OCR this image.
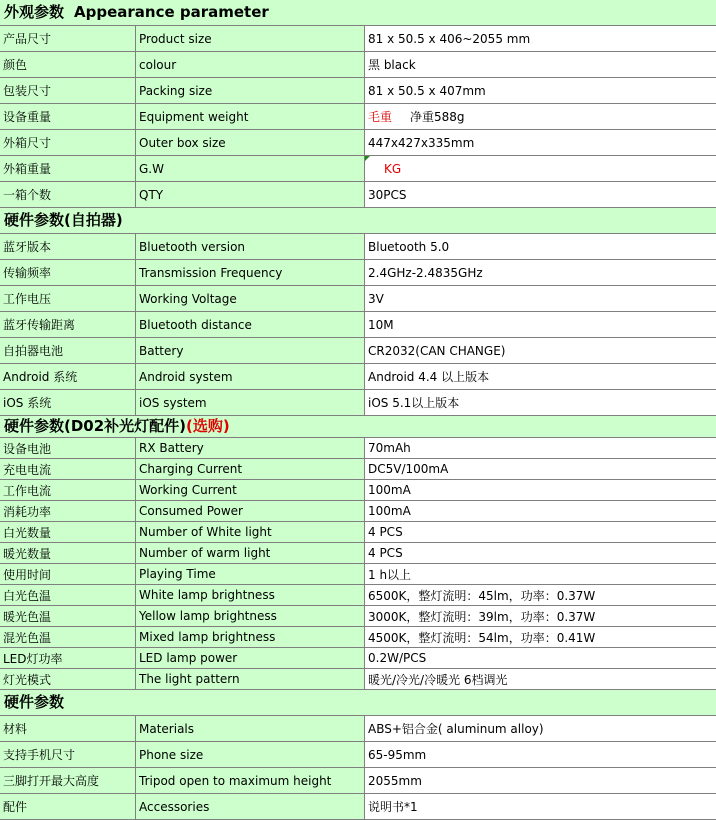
外观参数 Appearance parameter
产品尺寸	Product size	81 x 50.5 x 406~2055 mm
颜色	colour	黑 black
包装尺寸	Packing size	81 x 50.5 x 407mm
设备重量	Equipment weight	毛重 净重588g
外箱尺寸	Outer box size	447x427x335mm
外箱重量	G.W	KG
一箱个数	QTY	30PCS
硬件参数(自拍器)
蓝牙版本	Bluetooth version	Bluetooth 5.0
传输频率	Transmission Frequency	2.4GHz-2.4835GHz
工作电压	Working Voltage	3V
蓝牙传输距离	Bluetooth distance	10M
自拍器电池	Battery	CR2032(CAN CHANGE)
Android 系统	Android system	Android 4.4 以上版本
iOS 系统	iOS system	iOS 5.1以上版本
硬件参数(D02补光灯配件) (选购)
设备电池	RX Battery	70mAh
充电电流	Charging Current	DC5V/100mA
工作电流	Working Current	100mA
消耗功率	Consumed Power	100mA
白光数量	Number of White light	4 PCS
暖光数量	Number of warm light	4 PCS
使用时间	Playing Time	1 h以上
白光色温	White lamp brightness	6500K，整灯流明：45lm，功率：0.37W
暖光色温	Yellow lamp brightness	3000K，整灯流明：39lm，功率：0.37W
混光色温	Mixed lamp brightness	4500K，整灯流明：54lm，功率：0.41W
LED灯功率	LED lamp power	0.2W/PCS
灯光模式	The light pattern	暖光/冷光/冷暖光 6档调光
硬件参数
材料	Materials	ABS+铝合金( aluminum alloy)
支持手机尺寸	Phone size	65-95mm
三脚打开最大高度	Tripod open to maximum height	2055mm
配件	Accessories	说明书*1
